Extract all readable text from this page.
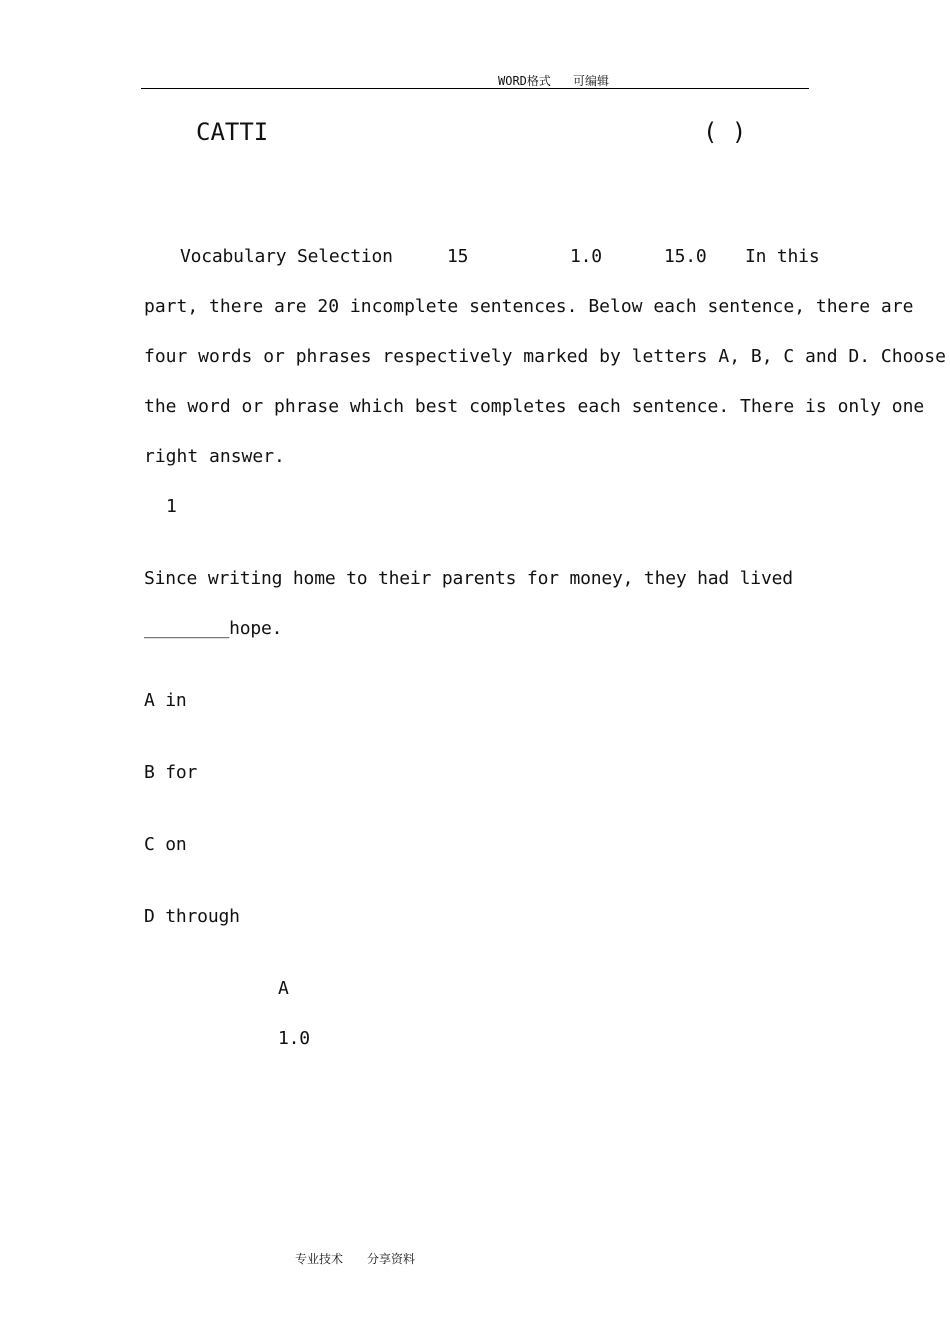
WORD格式 可编辑
CATTI	( )
Vocabulary Selection	15	1.0	15.0 In this
part, there are 20 incomplete sentences. Below each sentence, there are
four words or phrases respectively marked by letters A, B, C and D. Choose
the word or phrase which best completes each sentence. There is only one
right answer.
1
Since writing home to their parents for money, they had lived
________hope.
A in
B for
C on
D through
A
1.0
专业技术 分享资料
